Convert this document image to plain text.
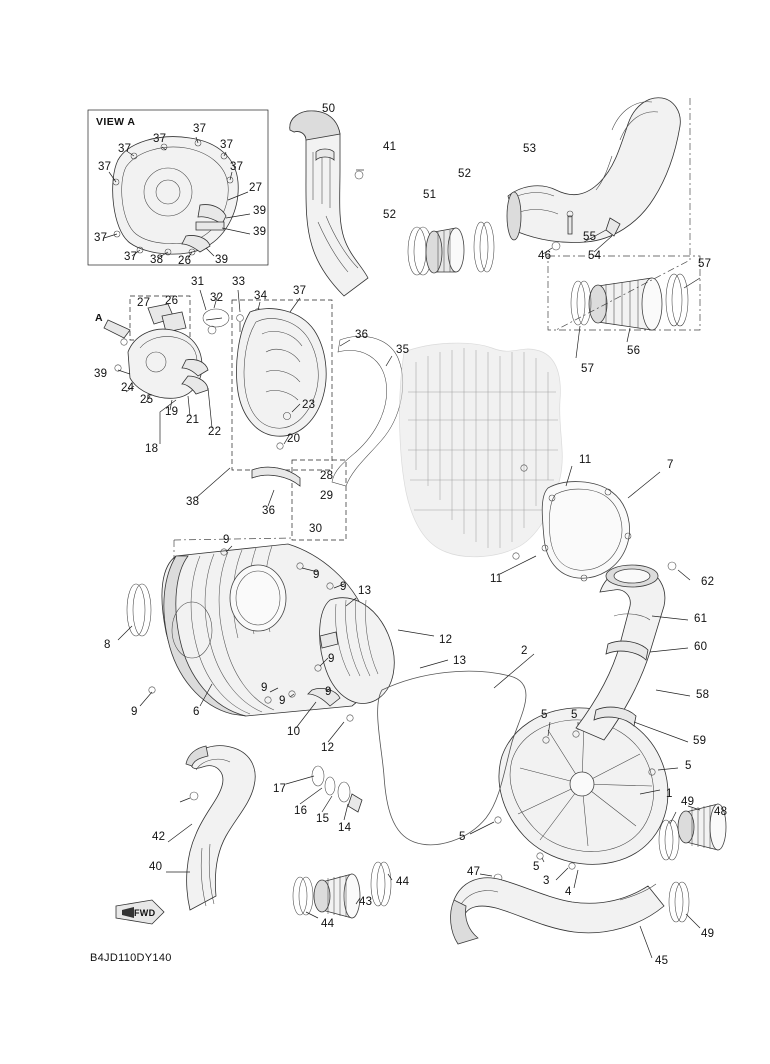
VIEW A
A
B4JD110DY140
FWD
50
41	53
51
52
52
46
55
54
57
57
56
37
37
37
37
37
37
37
37
27
39
39
39
38 26
31
32
33
34 37
27 26
36
35
39
24
25
19
21
22
23
20
18
38
36
28
29
30
11
11
7
62
61
60
58
59
2
9
9
9 13
12
13
8
9
9
9
9
9	6
10
12
17
16
15
14
42
40
44
43
44
5 5
5
1
49
48
5
5
3
4
47
49
45
